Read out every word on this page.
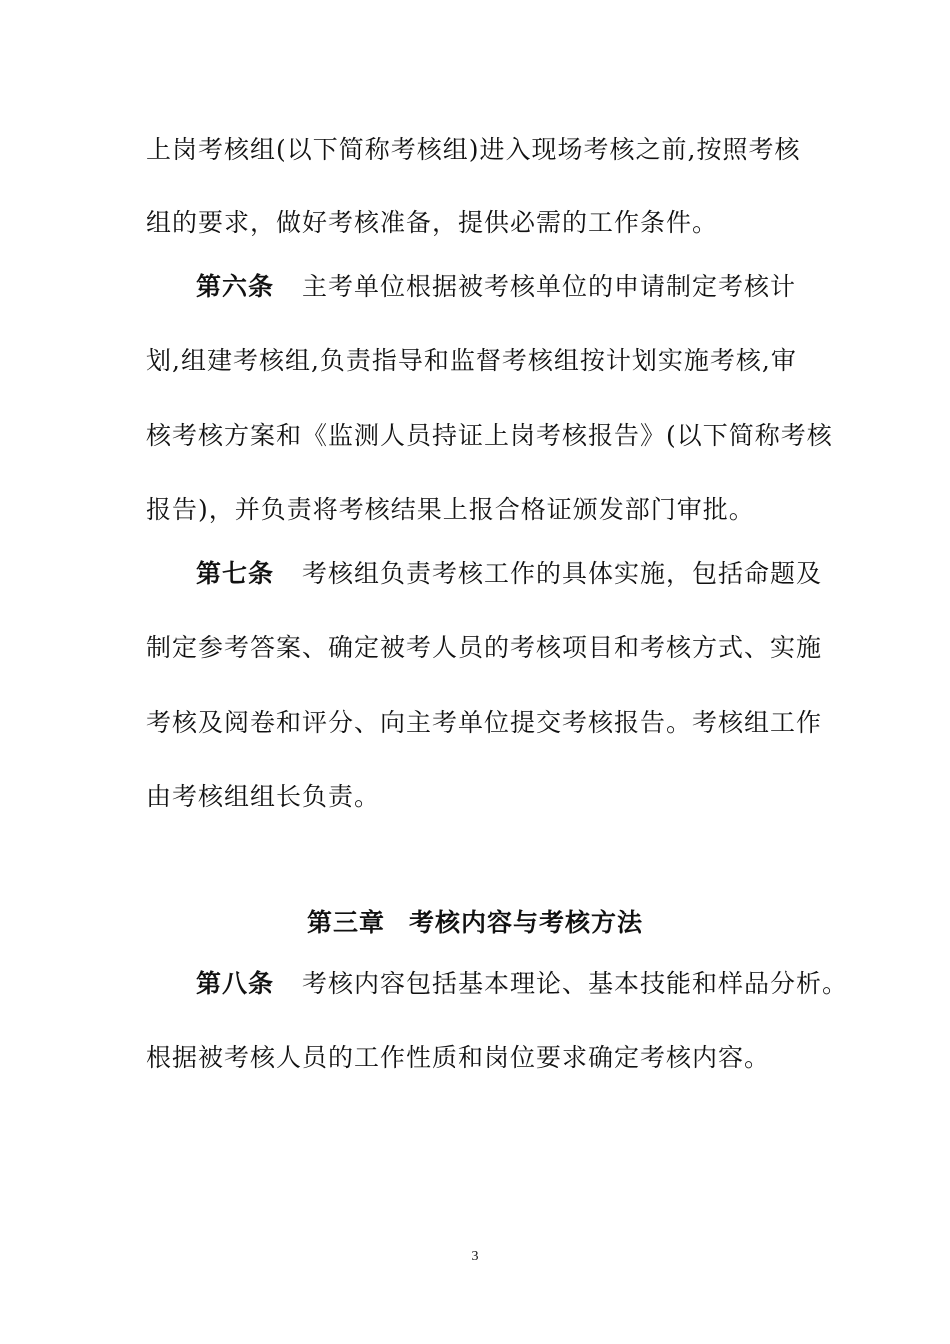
上岗考核组(以下简称考核组)进入现场考核之前,按照考核
组的要求，做好考核准备，提供必需的工作条件。
第六条 主考单位根据被考核单位的申请制定考核计
划,组建考核组,负责指导和监督考核组按计划实施考核,审
核考核方案和《监测人员持证上岗考核报告》(以下简称考核
报告)，并负责将考核结果上报合格证颁发部门审批。
第七条 考核组负责考核工作的具体实施，包括命题及
制定参考答案、确定被考人员的考核项目和考核方式、实施
考核及阅卷和评分、向主考单位提交考核报告。考核组工作
由考核组组长负责。
第三章 考核内容与考核方法
第八条 考核内容包括基本理论、基本技能和样品分析。
根据被考核人员的工作性质和岗位要求确定考核内容。
3
